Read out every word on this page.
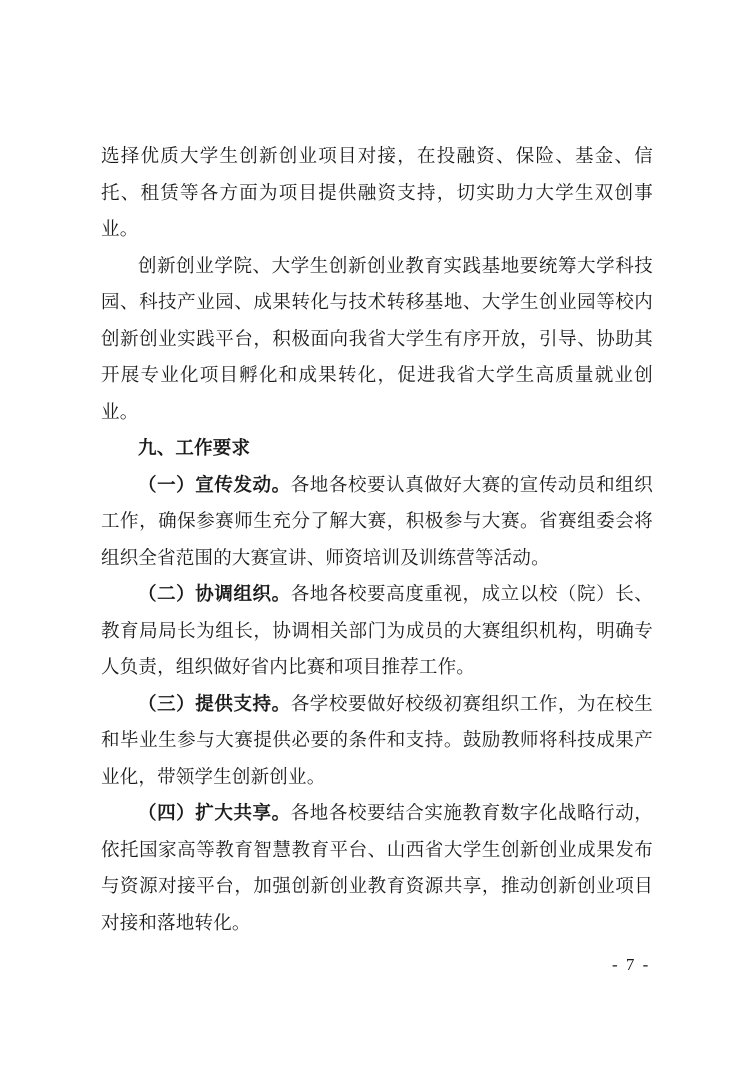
选择优质大学生创新创业项目对接，在投融资、保险、基金、信托、租赁等各方面为项目提供融资支持，切实助力大学生双创事业。

创新创业学院、大学生创新创业教育实践基地要统筹大学科技园、科技产业园、成果转化与技术转移基地、大学生创业园等校内创新创业实践平台，积极面向我省大学生有序开放，引导、协助其开展专业化项目孵化和成果转化，促进我省大学生高质量就业创业。

九、工作要求

（一）宣传发动。各地各校要认真做好大赛的宣传动员和组织工作，确保参赛师生充分了解大赛，积极参与大赛。省赛组委会将组织全省范围的大赛宣讲、师资培训及训练营等活动。

（二）协调组织。各地各校要高度重视，成立以校（院）长、教育局局长为组长，协调相关部门为成员的大赛组织机构，明确专人负责，组织做好省内比赛和项目推荐工作。

（三）提供支持。各学校要做好校级初赛组织工作，为在校生和毕业生参与大赛提供必要的条件和支持。鼓励教师将科技成果产业化，带领学生创新创业。

（四）扩大共享。各地各校要结合实施教育数字化战略行动，依托国家高等教育智慧教育平台、山西省大学生创新创业成果发布与资源对接平台，加强创新创业教育资源共享，推动创新创业项目对接和落地转化。

- 7 -
